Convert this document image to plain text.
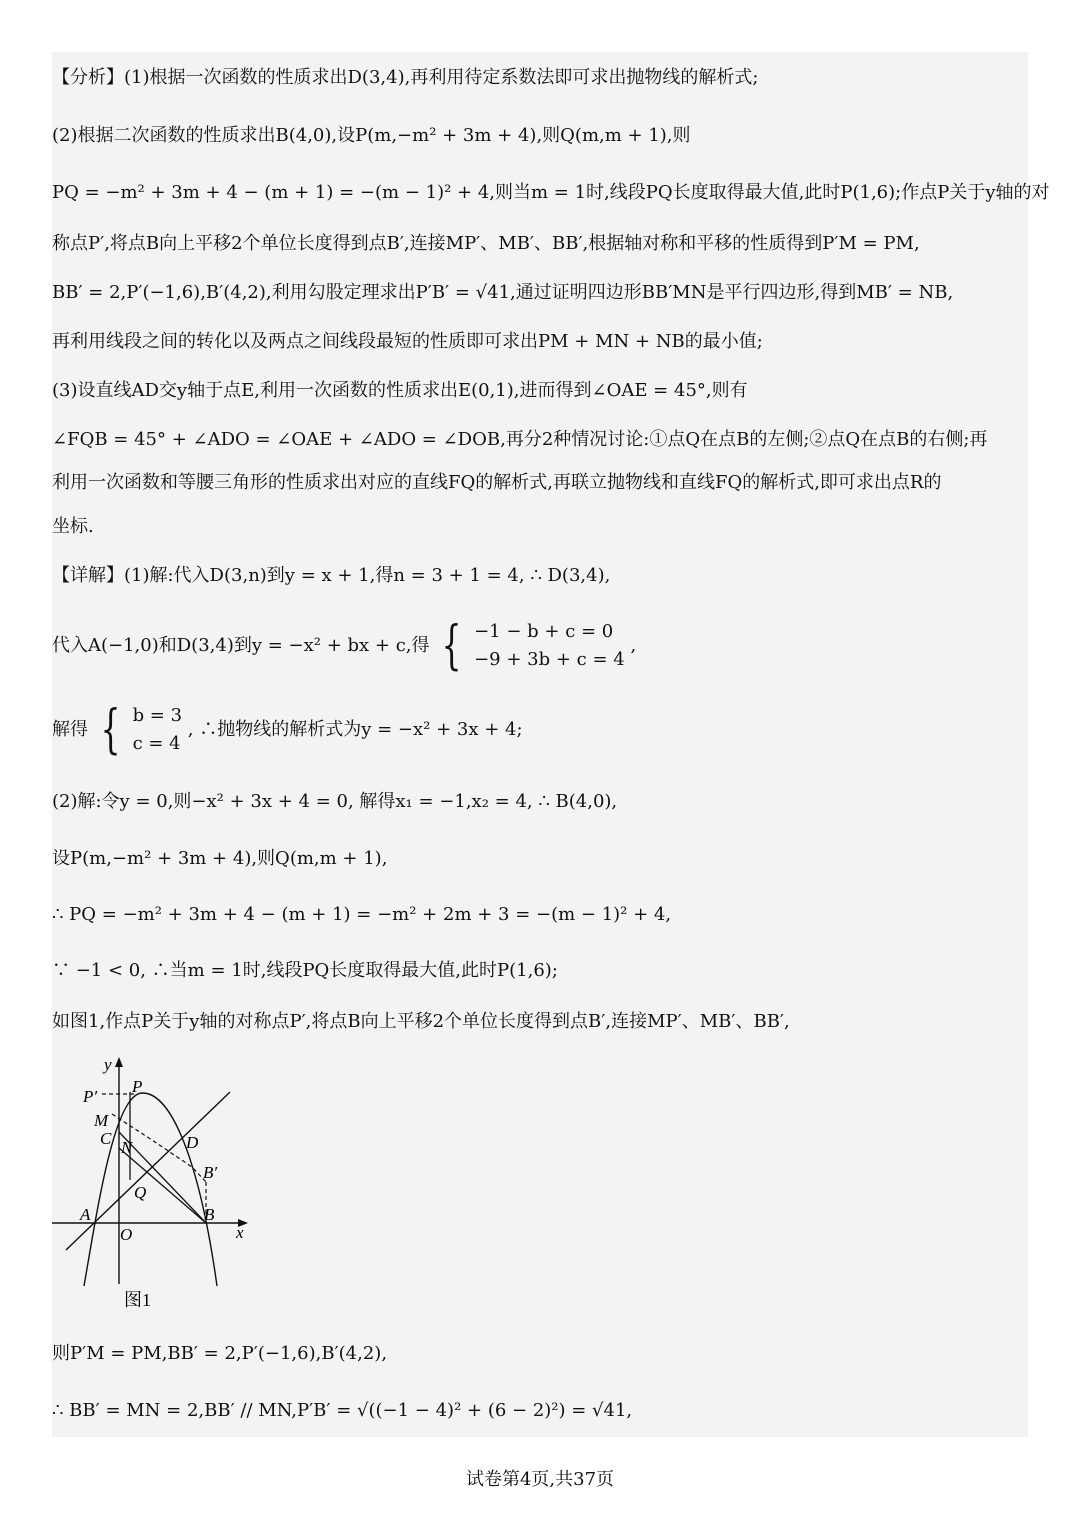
【分析】(1)根据一次函数的性质求出D(3,4),再利用待定系数法即可求出抛物线的解析式;
(2)根据二次函数的性质求出B(4,0),设P(m,−m² + 3m + 4),则Q(m,m + 1),则
PQ = −m² + 3m + 4 − (m + 1) = −(m − 1)² + 4,则当m = 1时,线段PQ长度取得最大值,此时P(1,6);作点P关于y轴的对
称点P′,将点B向上平移2个单位长度得到点B′,连接MP′、MB′、BB′,根据轴对称和平移的性质得到P′M = PM,
BB′ = 2,P′(−1,6),B′(4,2),利用勾股定理求出P′B′ = √41,通过证明四边形BB′MN是平行四边形,得到MB′ = NB,
再利用线段之间的转化以及两点之间线段最短的性质即可求出PM + MN + NB的最小值;
(3)设直线AD交y轴于点E,利用一次函数的性质求出E(0,1),进而得到∠OAE = 45°,则有
∠FQB = 45° + ∠ADO = ∠OAE + ∠ADO = ∠DOB,再分2种情况讨论:①点Q在点B的左侧;②点Q在点B的右侧;再
利用一次函数和等腰三角形的性质求出对应的直线FQ的解析式,再联立抛物线和直线FQ的解析式,即可求出点R的
坐标.
【详解】(1)解:代入D(3,n)到y = x + 1,得n = 3 + 1 = 4, ∴ D(3,4),
代入A(−1,0)和D(3,4)到y = −x² + bx + c,得 { −1 − b + c = 0
−9 + 3b + c = 4
,
解得 { b = 3
c = 4
, ∴抛物线的解析式为y = −x² + 3x + 4;
(2)解:令y = 0,则−x² + 3x + 4 = 0, 解得x₁ = −1,x₂ = 4, ∴ B(4,0),
设P(m,−m² + 3m + 4),则Q(m,m + 1),
∴ PQ = −m² + 3m + 4 − (m + 1) = −m² + 2m + 3 = −(m − 1)² + 4,
∵ −1 < 0, ∴当m = 1时,线段PQ长度取得最大值,此时P(1,6);
如图1,作点P关于y轴的对称点P′,将点B向上平移2个单位长度得到点B′,连接MP′、MB′、BB′,
y
P
P′
M
C N	D
B′
Q
A	B
O	x
图1
则P′M = PM,BB′ = 2,P′(−1,6),B′(4,2),
∴ BB′ = MN = 2,BB′ // MN,P′B′ = √((−1 − 4)² + (6 − 2)²) = √41,
试卷第4页,共37页
